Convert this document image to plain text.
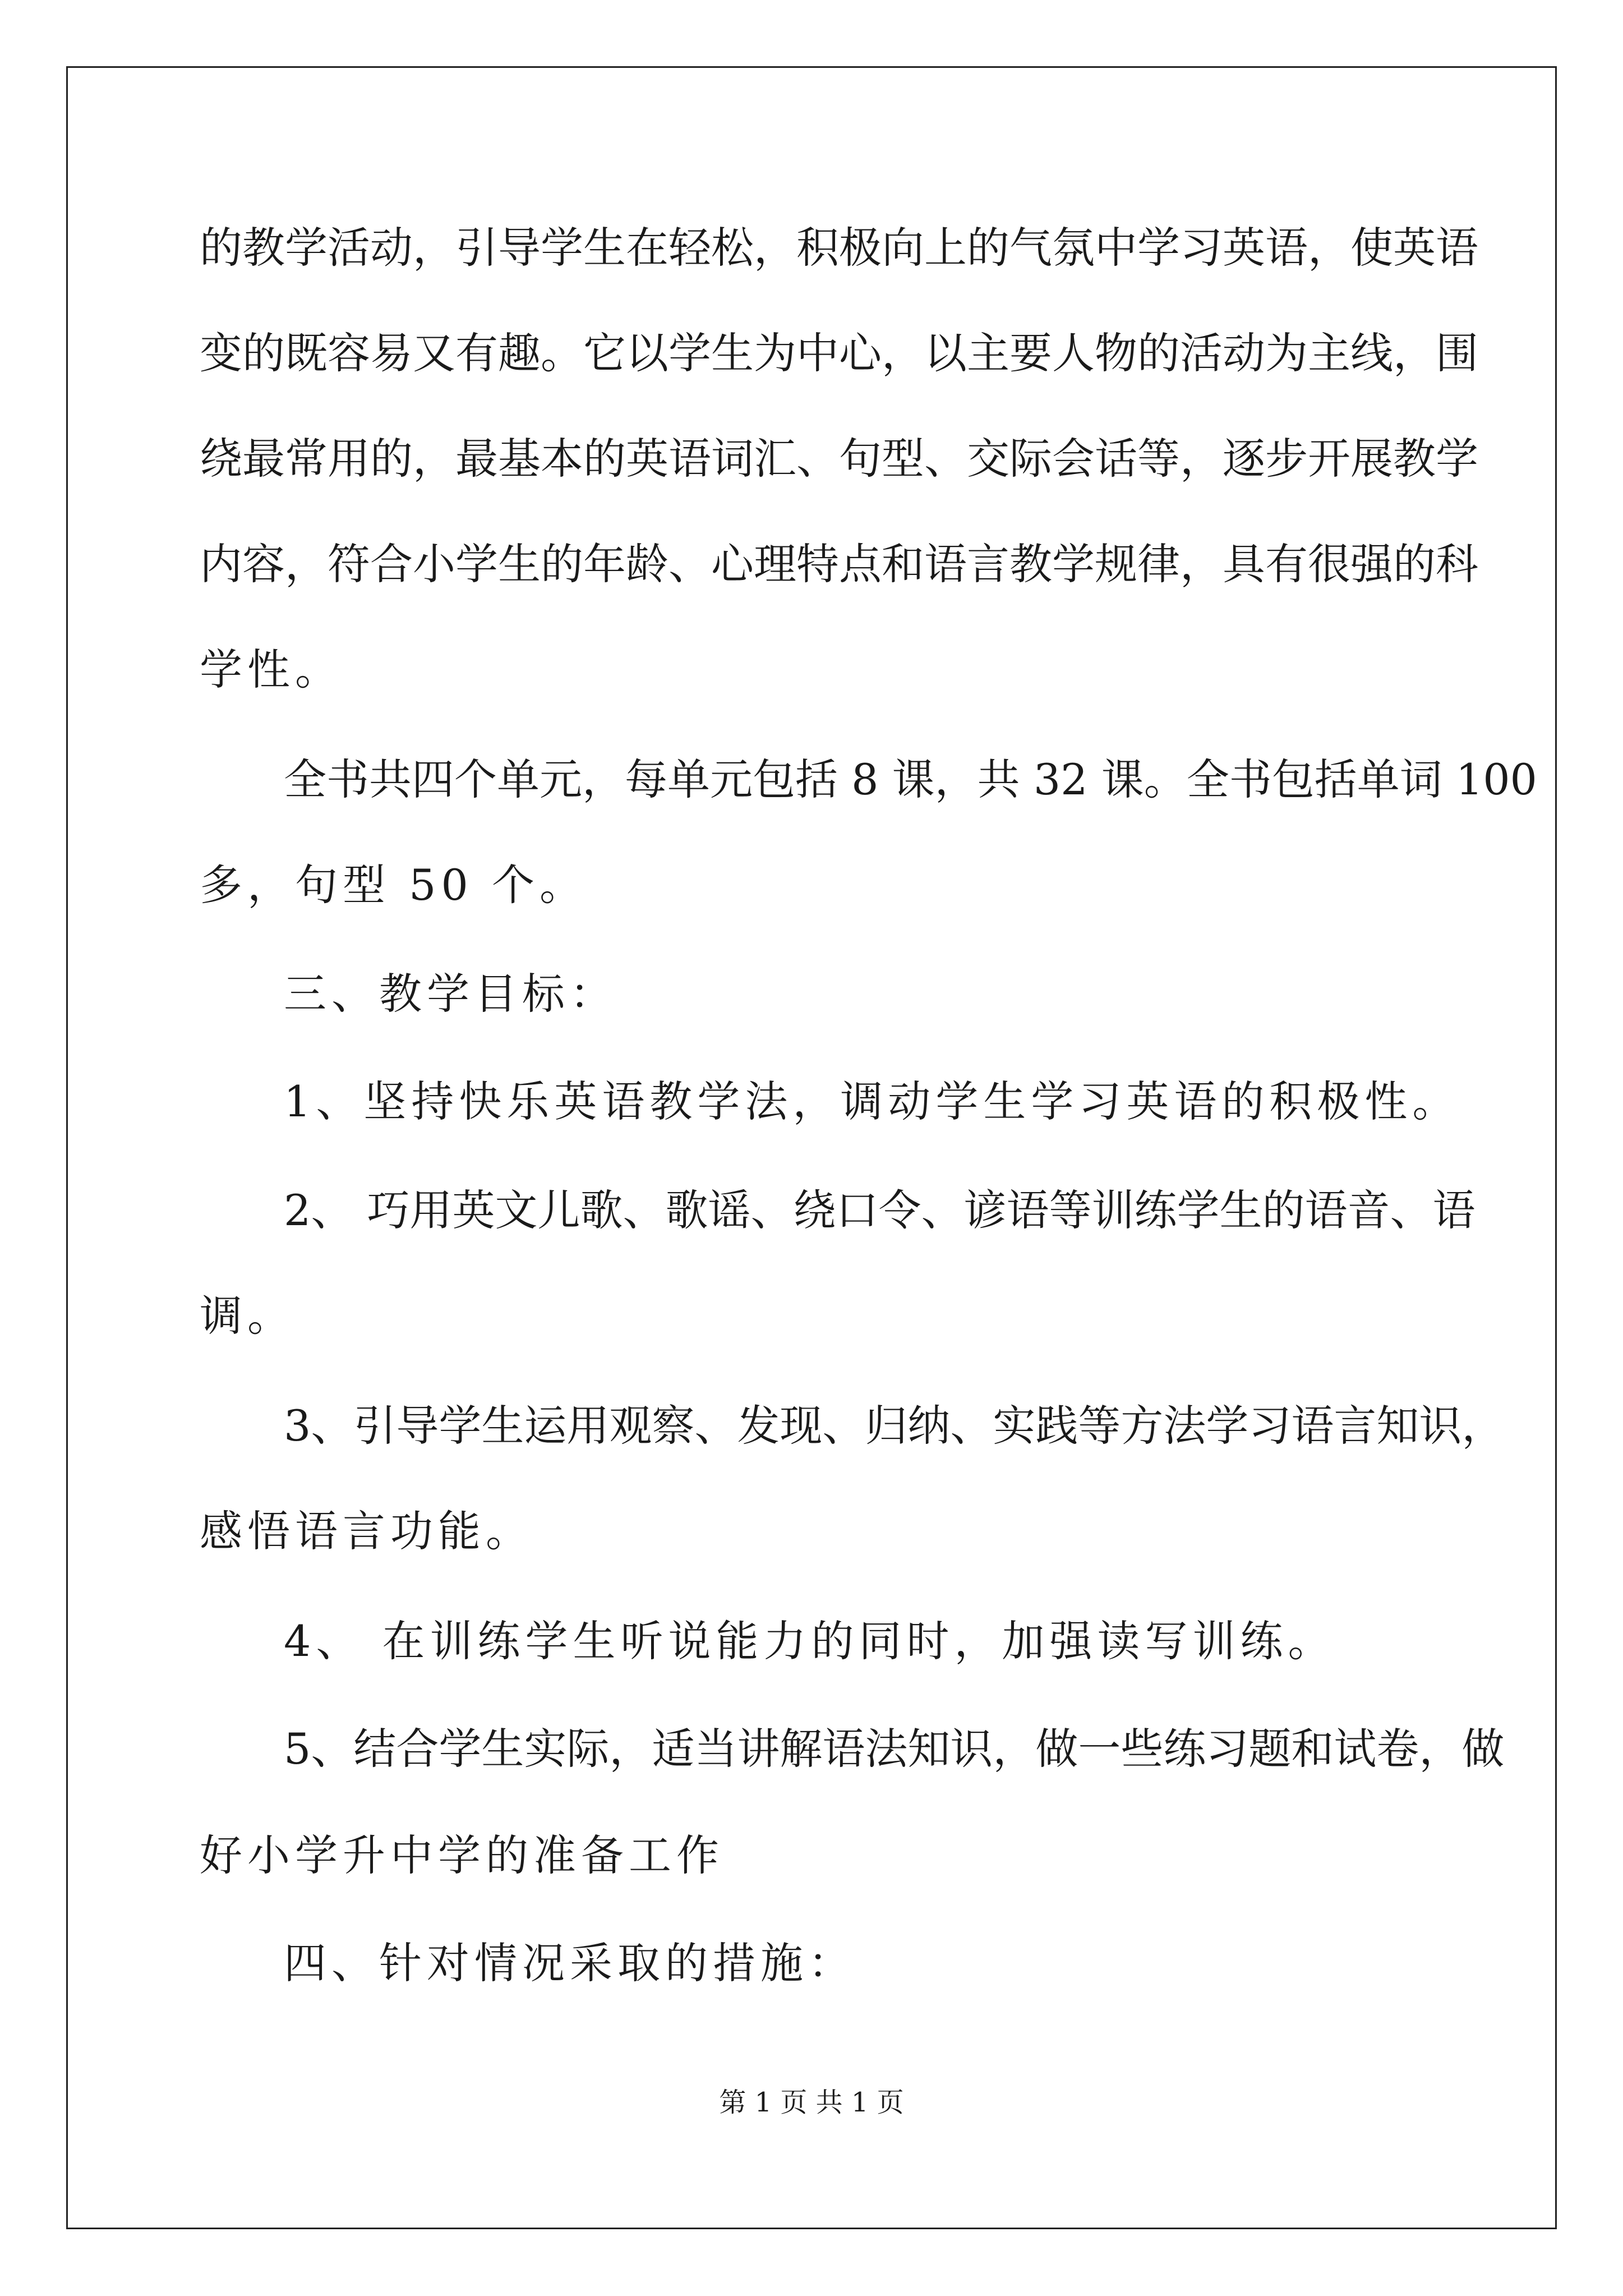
的教学活动，引导学生在轻松，积极向上的气氛中学习英语，使英语
变的既容易又有趣。它以学生为中心，以主要人物的活动为主线，围
绕最常用的，最基本的英语词汇、句型、交际会话等，逐步开展教学
内容，符合小学生的年龄、心理特点和语言教学规律，具有很强的科
学性。
全书共四个单元，每单元包括 8 课，共 32 课。全书包括单词 100
多，句型 50 个。
三、教学目标：
1、坚持快乐英语教学法，调动学生学习英语的积极性。
2、 巧用英文儿歌、歌谣、绕口令、谚语等训练学生的语音、语
调。
3、引导学生运用观察、发现、归纳、实践等方法学习语言知识，
感悟语言功能。
4、 在训练学生听说能力的同时，加强读写训练。
5、结合学生实际，适当讲解语法知识，做一些练习题和试卷，做
好小学升中学的准备工作
四、针对情况采取的措施：
第 1 页 共 1 页
